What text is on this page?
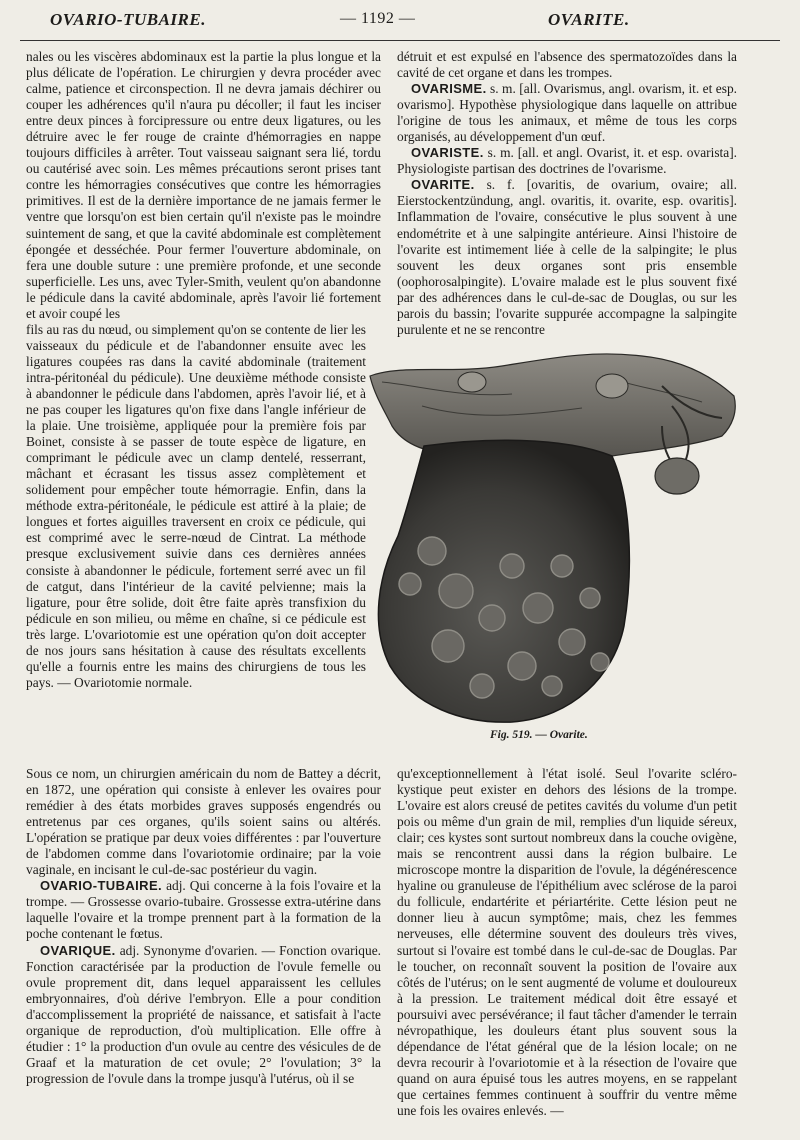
OVARIO-TUBAIRE.	— 1192 —	OVARITE.

nales ou les viscères abdominaux est la partie la plus longue et la plus délicate de l'opération. Le chirurgien y devra procéder avec calme, patience et circonspection. Il ne devra jamais déchirer ou couper les adhérences qu'il n'aura pu décoller; il faut les inciser entre deux pinces à forcipressure ou entre deux ligatures, ou les détruire avec le fer rouge de crainte d'hémorragies en nappe toujours difficiles à arrêter. Tout vaisseau saignant sera lié, tordu ou cautérisé avec soin. Les mêmes précautions seront prises tant contre les hémorragies consécutives que contre les hémorragies primitives. Il est de la dernière importance de ne jamais fermer le ventre que lorsqu'on est bien certain qu'il n'existe pas le moindre suintement de sang, et que la cavité abdominale est complètement épongée et desséchée. Pour fermer l'ouverture abdominale, on fera une double suture : une première profonde, et une seconde superficielle. Les uns, avec Tyler-Smith, veulent qu'on abandonne le pédicule dans la cavité abdominale, après l'avoir lié fortement et avoir coupé les

fils au ras du nœud, ou simplement qu'on se contente de lier les vaisseaux du pédicule et de l'abandonner ensuite avec les ligatures coupées ras dans la cavité abdominale (traitement intra-péritonéal du pédicule). Une deuxième méthode consiste à abandonner le pédicule dans l'abdomen, après l'avoir lié, et à ne pas couper les ligatures qu'on fixe dans l'angle inférieur de la plaie. Une troisième, appliquée pour la première fois par Boinet, consiste à se passer de toute espèce de ligature, en comprimant le pédicule avec un clamp dentelé, resserrant, mâchant et écrasant les tissus assez complètement et solidement pour empêcher toute hémorragie. Enfin, dans la méthode extra-péritonéale, le pédicule est attiré à la plaie; de longues et fortes aiguilles traversent en croix ce pédicule, qui est comprimé avec le serre-nœud de Cintrat. La méthode presque exclusivement suivie dans ces dernières années consiste à abandonner le pédicule, fortement serré avec un fil de catgut, dans l'intérieur de la cavité pelvienne; mais la ligature, pour être solide, doit être faite après transfixion du pédicule en son milieu, ou même en chaîne, si ce pédicule est très large. L'ovariotomie est une opération qu'on doit accepter de nos jours sans hésitation à cause des résultats excellents qu'elle a fournis entre les mains des chirurgiens de tous les pays. — Ovariotomie normale.

détruit et est expulsé en l'absence des spermatozoïdes dans la cavité de cet organe et dans les trompes.

OVARISME. s. m. [all. Ovarismus, angl. ovarism, it. et esp. ovarismo]. Hypothèse physiologique dans laquelle on attribue l'origine de tous les animaux, et même de tous les corps organisés, au développement d'un œuf.

OVARISTE. s. m. [all. et angl. Ovarist, it. et esp. ovarista]. Physiologiste partisan des doctrines de l'ovarisme.

OVARITE. s. f. [ovaritis, de ovarium, ovaire; all. Eierstockentzündung, angl. ovaritis, it. ovarite, esp. ovaritis]. Inflammation de l'ovaire, consécutive le plus souvent à une endométrite et à une salpingite antérieure. Ainsi l'histoire de l'ovarite est intimement liée à celle de la salpingite; le plus souvent les deux organes sont pris ensemble (oophorosalpingite). L'ovaire malade est le plus souvent fixé par des adhérences dans le cul-de-sac de Douglas, ou sur les parois du bassin; l'ovarite suppurée accompagne la salpingite purulente et ne se rencontre

Fig. 519. — Ovarite.

Sous ce nom, un chirurgien américain du nom de Battey a décrit, en 1872, une opération qui consiste à enlever les ovaires pour remédier à des états morbides graves supposés engendrés ou entretenus par ces organes, qu'ils soient sains ou altérés. L'opération se pratique par deux voies différentes : par l'ouverture de l'abdomen comme dans l'ovariotomie ordinaire; par la voie vaginale, en incisant le cul-de-sac postérieur du vagin.

OVARIO-TUBAIRE. adj. Qui concerne à la fois l'ovaire et la trompe. — Grossesse ovario-tubaire. Grossesse extra-utérine dans laquelle l'ovaire et la trompe prennent part à la formation de la poche contenant le fœtus.

OVARIQUE. adj. Synonyme d'ovarien. — Fonction ovarique. Fonction caractérisée par la production de l'ovule femelle ou ovule proprement dit, dans lequel apparaissent les cellules embryonnaires, d'où dérive l'embryon. Elle a pour condition d'accomplissement la propriété de naissance, et satisfait à l'acte organique de reproduction, d'où multiplication. Elle offre à étudier : 1° la production d'un ovule au centre des vésicules de de Graaf et la maturation de cet ovule; 2° l'ovulation; 3° la progression de l'ovule dans la trompe jusqu'à l'utérus, où il se

qu'exceptionnellement à l'état isolé. Seul l'ovarite scléro-kystique peut exister en dehors des lésions de la trompe. L'ovaire est alors creusé de petites cavités du volume d'un petit pois ou même d'un grain de mil, remplies d'un liquide séreux, clair; ces kystes sont surtout nombreux dans la couche ovigène, mais se rencontrent aussi dans la région bulbaire. Le microscope montre la disparition de l'ovule, la dégénérescence hyaline ou granuleuse de l'épithélium avec sclérose de la paroi du follicule, endartérite et périartérite. Cette lésion peut ne donner lieu à aucun symptôme; mais, chez les femmes nerveuses, elle détermine souvent des douleurs très vives, surtout si l'ovaire est tombé dans le cul-de-sac de Douglas. Par le toucher, on reconnaît souvent la position de l'ovaire aux côtés de l'utérus; on le sent augmenté de volume et douloureux à la pression. Le traitement médical doit être essayé et poursuivi avec persévérance; il faut tâcher d'amender le terrain névropathique, les douleurs étant plus souvent sous la dépendance de l'état général que de la lésion locale; on ne devra recourir à l'ovariotomie et à la résection de l'ovaire que quand on aura épuisé tous les autres moyens, en se rappelant que certaines femmes continuent à souffrir du ventre même une fois les ovaires enlevés. —
